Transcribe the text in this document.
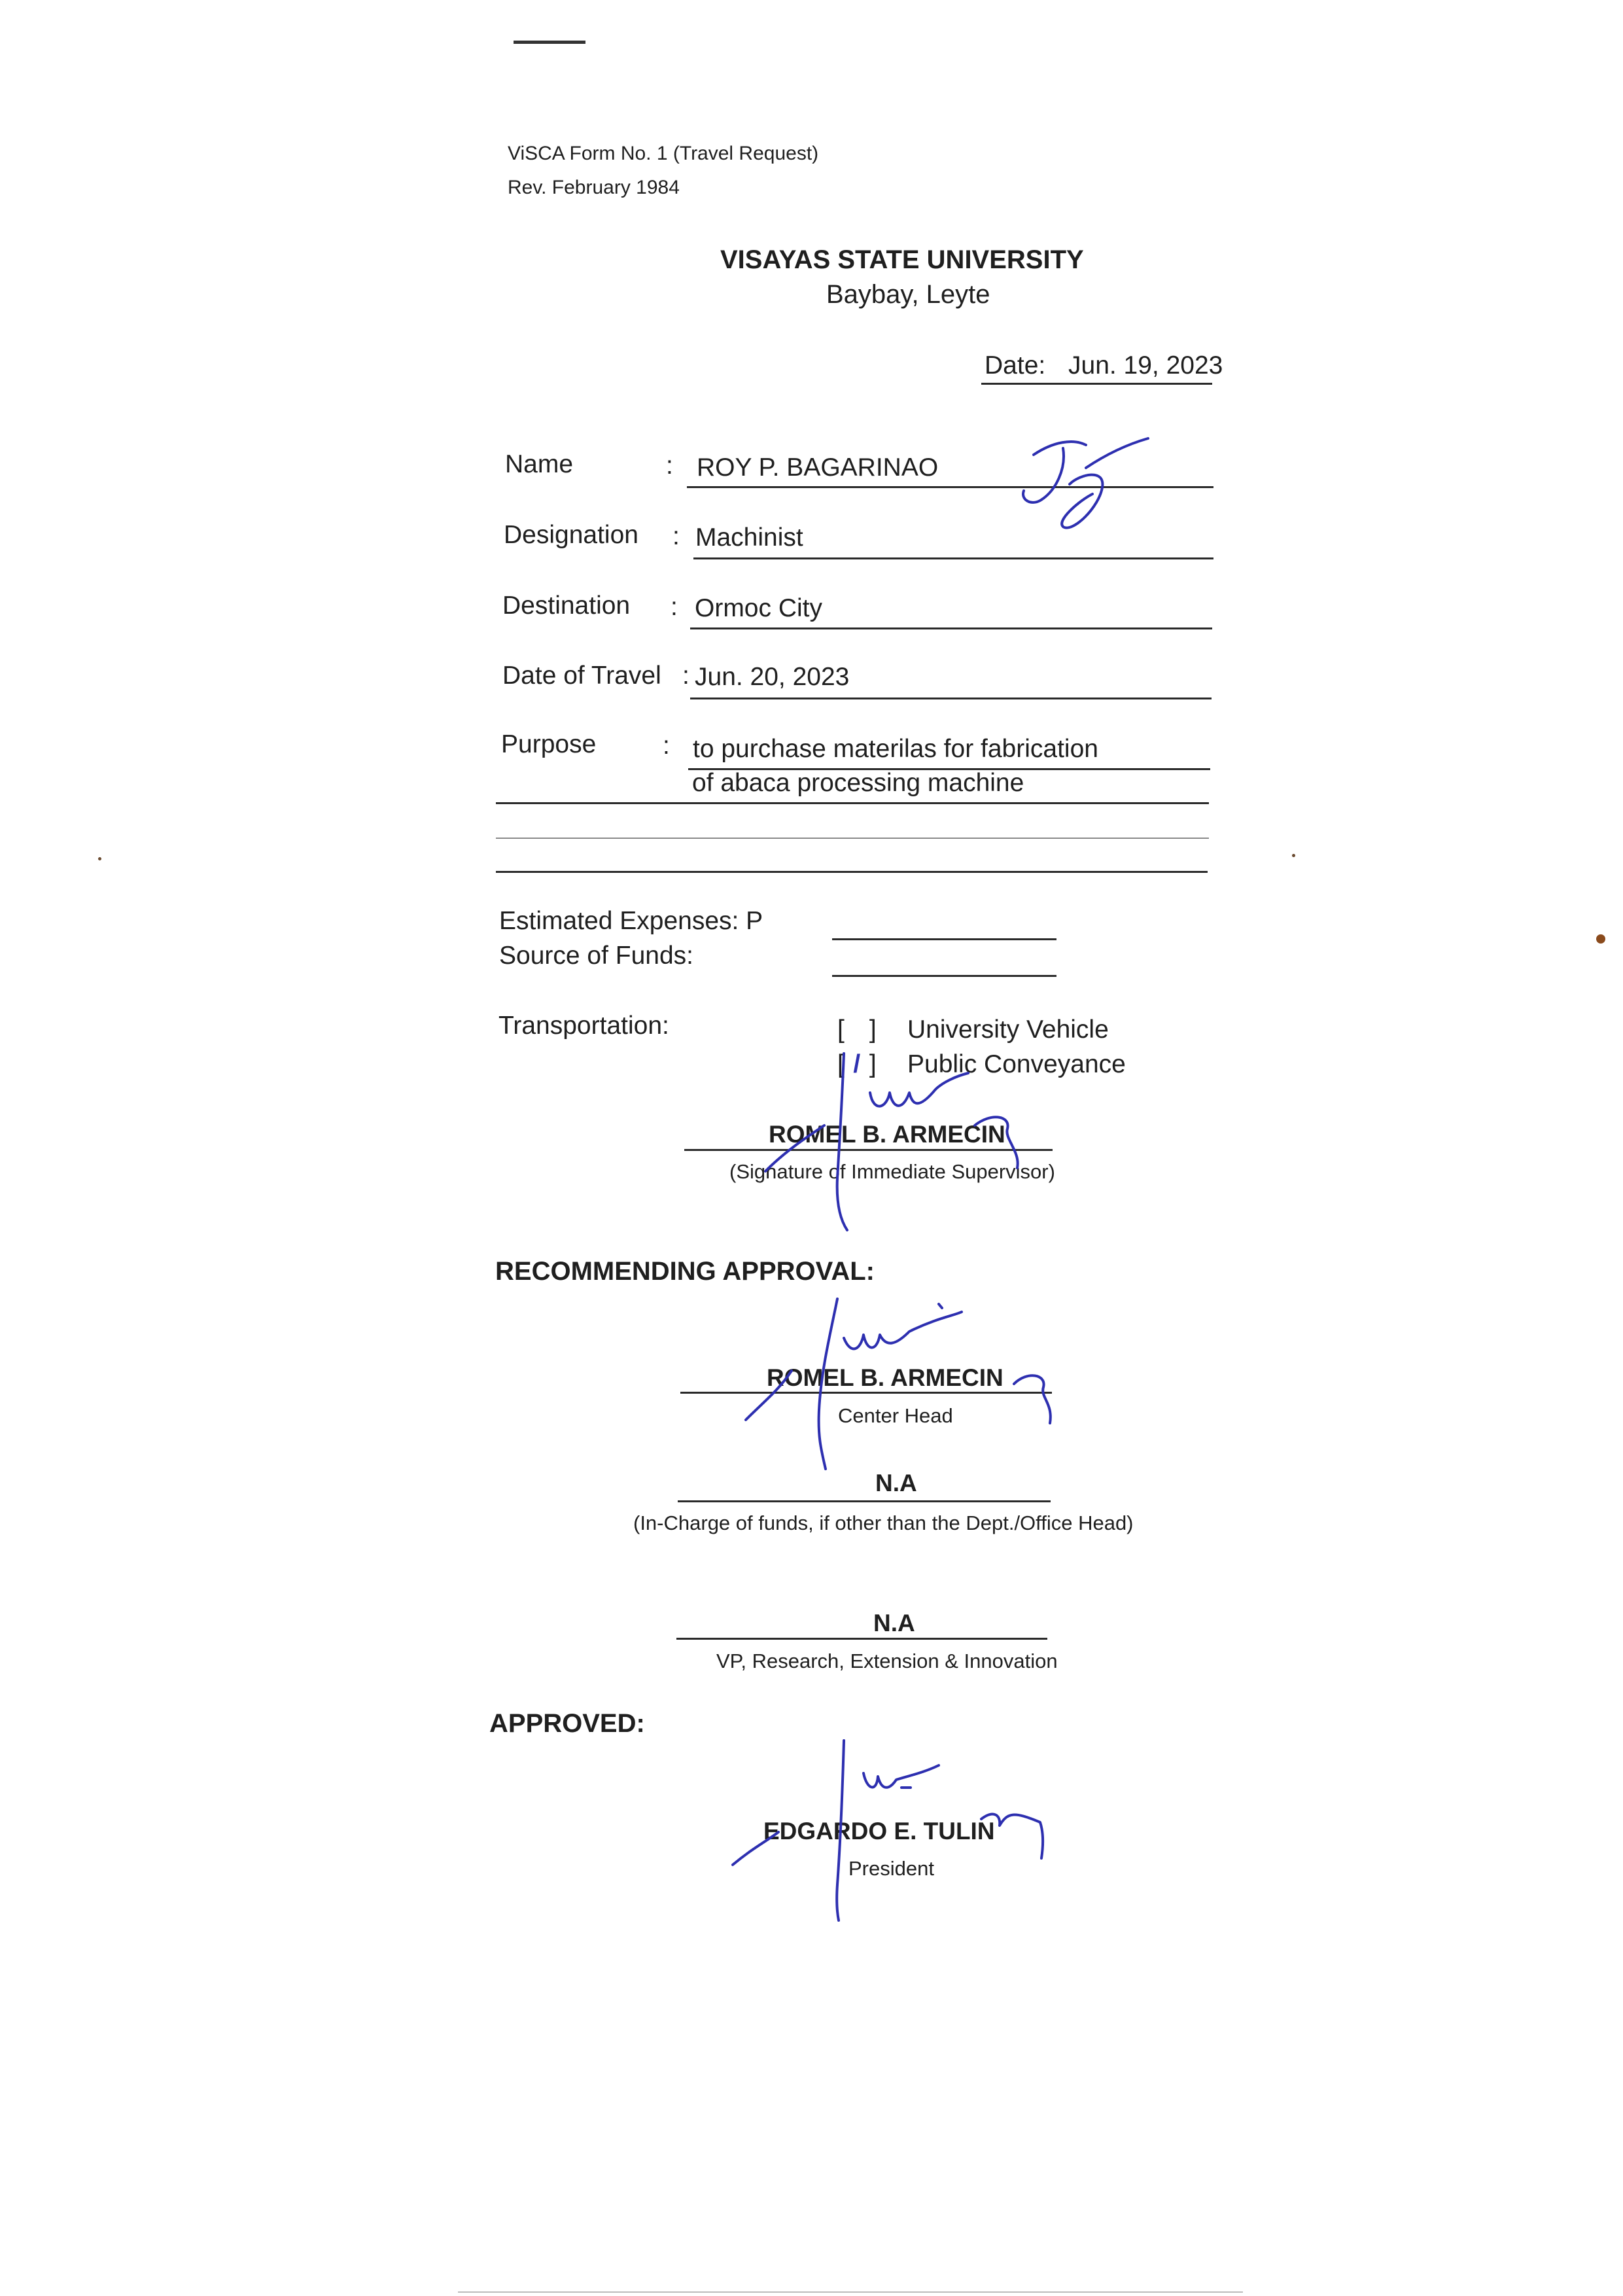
ViSCA Form No. 1 (Travel Request)
Rev. February 1984
VISAYAS STATE UNIVERSITY
Baybay, Leyte
Date: Jun. 19, 2023
Name	: ROY P. BAGARINAO
Designation : Machinist
Destination : Ormoc City
Date of Travel : Jun. 20, 2023
Purpose	: to purchase materilas for fabrication
of abaca processing machine
Estimated Expenses: P
Source of Funds:
Transportation:	[ ] University Vehicle
[ / ] Public Conveyance
ROMEL B. ARMECIN
(Signature of Immediate Supervisor)
RECOMMENDING APPROVAL:
ROMEL B. ARMECIN
Center Head
N.A
(In-Charge of funds, if other than the Dept./Office Head)
N.A
VP, Research, Extension & Innovation
APPROVED:
EDGARDO E. TULIN
President
